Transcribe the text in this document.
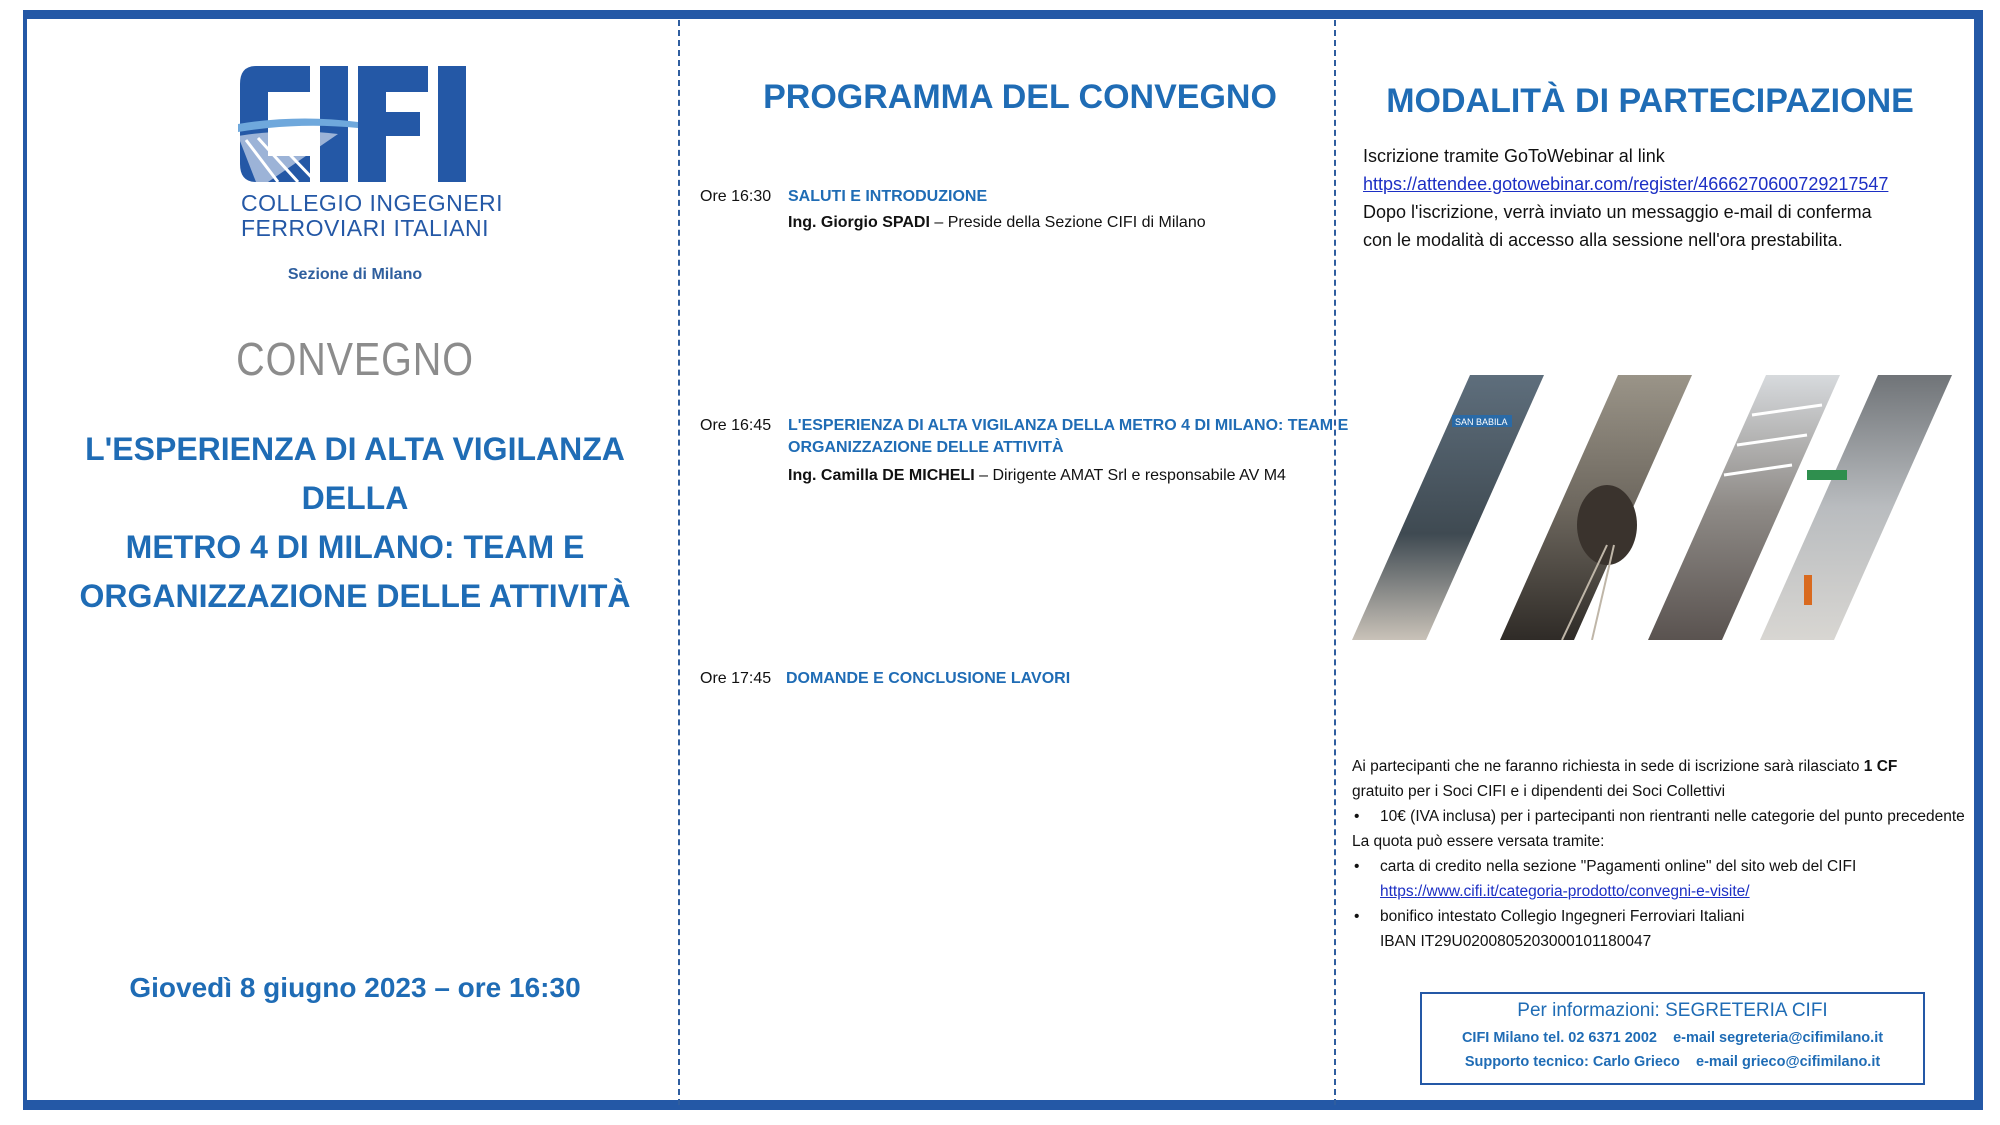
COLLEGIO INGEGNERI
FERROVIARI ITALIANI
Sezione di Milano
CONVEGNO
L'ESPERIENZA DI ALTA VIGILANZA DELLA
METRO 4 DI MILANO: TEAM E
ORGANIZZAZIONE DELLE ATTIVITÀ
Giovedì 8 giugno 2023 – ore 16:30
PROGRAMMA DEL CONVEGNO
Ore 16:30 SALUTI E INTRODUZIONE
Ing. Giorgio SPADI – Preside della Sezione CIFI di Milano
Ore 16:45 L'ESPERIENZA DI ALTA VIGILANZA DELLA METRO 4 DI MILANO: TEAM E
ORGANIZZAZIONE DELLE ATTIVITÀ
Ing. Camilla DE MICHELI – Dirigente AMAT Srl e responsabile AV M4
Ore 17:45 DOMANDE E CONCLUSIONE LAVORI
MODALITÀ DI PARTECIPAZIONE
Iscrizione tramite GoToWebinar al link
https://attendee.gotowebinar.com/register/4666270600729217547
Dopo l'iscrizione, verrà inviato un messaggio e-mail di conferma
con le modalità di accesso alla sessione nell'ora prestabilita.
SAN BABILA

Ai partecipanti che ne faranno richiesta in sede di iscrizione sarà rilasciato 1 CF

gratuito per i Soci CIFI e i dipendenti dei Soci Collettivi

• 10€ (IVA inclusa) per i partecipanti non rientranti nelle categorie del punto precedente

La quota può essere versata tramite:

• carta di credito nella sezione "Pagamenti online" del sito web del CIFI
https://www.cifi.it/categoria-prodotto/convegni-e-visite/
• bonifico intestato Collegio Ingegneri Ferroviari Italiani
IBAN IT29U0200805203000101180047
Per informazioni: SEGRETERIA CIFI
CIFI Milano tel. 02 6371 2002    e-mail segreteria@cifimilano.it
Supporto tecnico: Carlo Grieco    e-mail grieco@cifimilano.it
